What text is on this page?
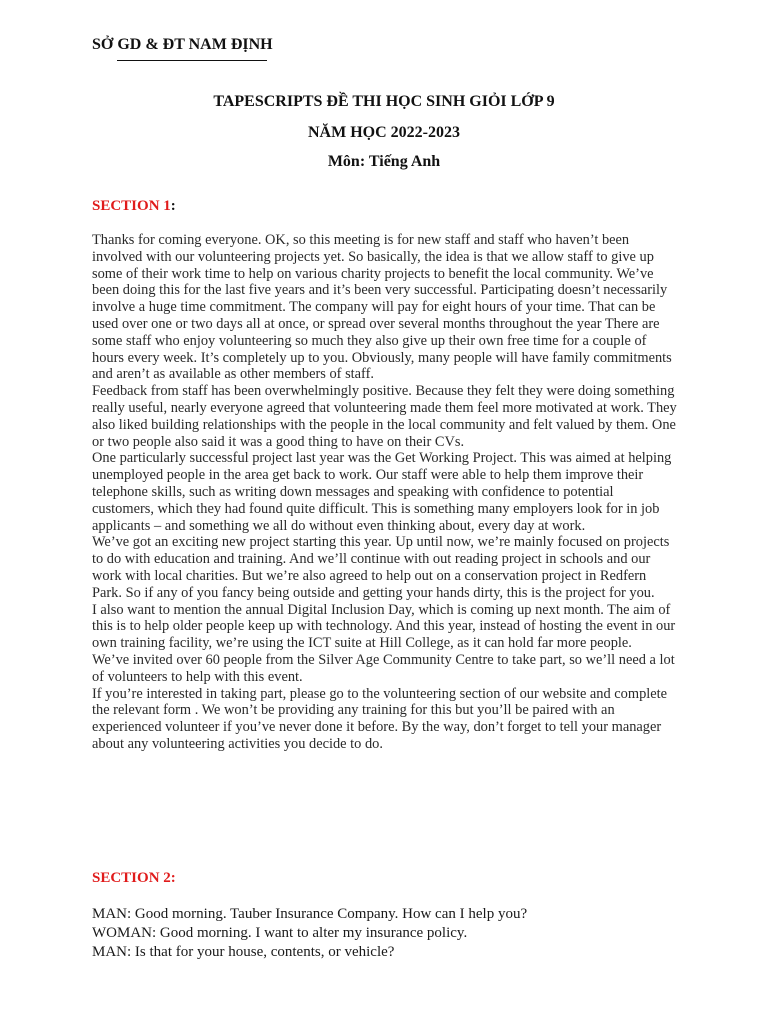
SỞ GD & ĐT NAM ĐỊNH
TAPESCRIPTS ĐỀ THI HỌC SINH GIỎI LỚP 9
NĂM HỌC 2022-2023
Môn: Tiếng Anh
SECTION 1:

Thanks for coming everyone. OK, so this meeting is for new staff and staff who haven’t been involved with our volunteering projects yet. So basically, the idea is that we allow staff to give up some of their work time to help on various charity projects to benefit the local community. We’ve been doing this for the last five years and it’s been very successful. Participating doesn’t necessarily involve a huge time commitment. The company will pay for eight hours of your time. That can be used over one or two days all at once, or spread over several months throughout the year There are some staff who enjoy volunteering so much they also give up their own free time for a couple of hours every week. It’s completely up to you. Obviously, many people will have family commitments and aren’t as available as other members of staff.

Feedback from staff has been overwhelmingly positive. Because they felt they were doing something really useful, nearly everyone agreed that volunteering made them feel more motivated at work. They also liked building relationships with the people in the local community and felt valued by them. One or two people also said it was a good thing to have on their CVs.

One particularly successful project last year was the Get Working Project. This was aimed at helping unemployed people in the area get back to work. Our staff were able to help them improve their telephone skills, such as writing down messages and speaking with confidence to potential customers, which they had found quite difficult. This is something many employers look for in job applicants – and something we all do without even thinking about, every day at work.

We’ve got an exciting new project starting this year. Up until now, we’re mainly focused on projects to do with education and training. And we’ll continue with out reading project in schools and our work with local charities. But we’re also agreed to help out on a conservation project in Redfern Park. So if any of you fancy being outside and getting your hands dirty, this is the project for you.

I also want to mention the annual Digital Inclusion Day, which is coming up next month. The aim of this is to help older people keep up with technology. And this year, instead of hosting the event in our own training facility, we’re using the ICT suite at Hill College, as it can hold far more people.

We’ve invited over 60 people from the Silver Age Community Centre to take part, so we’ll need a lot of volunteers to help with this event.

If you’re interested in taking part, please go to the volunteering section of our website and complete the relevant form . We won’t be providing any training for this but you’ll be paired with an experienced volunteer if you’ve never done it before. By the way, don’t forget to tell your manager about any volunteering activities you decide to do.

SECTION 2:

MAN: Good morning. Tauber Insurance Company. How can I help you?

WOMAN: Good morning. I want to alter my insurance policy.

MAN: Is that for your house, contents, or vehicle?
